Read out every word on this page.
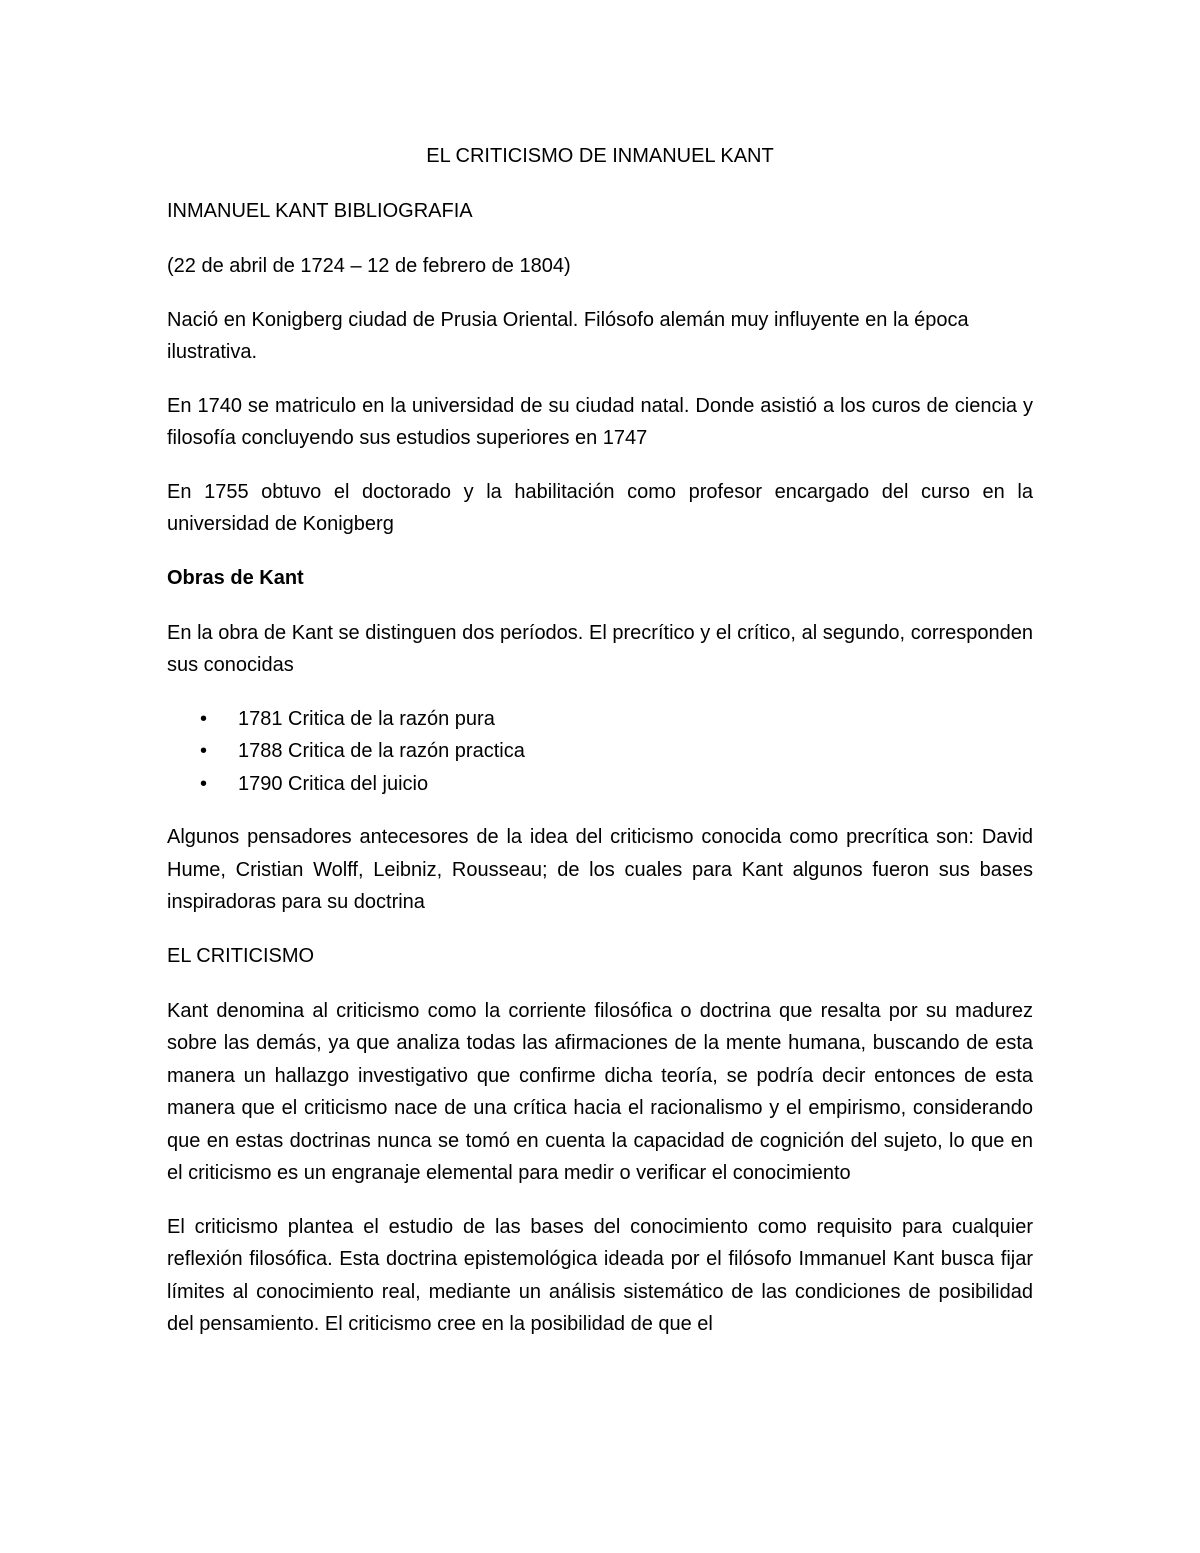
EL CRITICISMO DE INMANUEL KANT
INMANUEL KANT BIBLIOGRAFIA

(22 de abril de 1724 – 12 de febrero de 1804)

Nació en Konigberg ciudad de Prusia Oriental. Filósofo alemán muy influyente en la época ilustrativa.

En 1740 se matriculo en la universidad de su ciudad natal. Donde asistió a los curos de ciencia y filosofía concluyendo sus estudios superiores en 1747

En 1755 obtuvo el doctorado y la habilitación como profesor encargado del curso en la universidad de Konigberg

Obras de Kant

En la obra de Kant se distinguen dos períodos. El precrítico y el crítico, al segundo, corresponden sus conocidas

• 1781 Critica de la razón pura
• 1788 Critica de la razón practica
• 1790 Critica del juicio

Algunos pensadores antecesores de la idea del criticismo conocida como precrítica son: David Hume, Cristian Wolff, Leibniz, Rousseau; de los cuales para Kant algunos fueron sus bases inspiradoras para su doctrina

EL CRITICISMO

Kant denomina al criticismo como la corriente filosófica o doctrina que resalta por su madurez sobre las demás, ya que analiza todas las afirmaciones de la mente humana, buscando de esta manera un hallazgo investigativo que confirme dicha teoría, se podría decir entonces de esta manera que el criticismo nace de una crítica hacia el racionalismo y el empirismo, considerando que en estas doctrinas nunca se tomó en cuenta la capacidad de cognición del sujeto, lo que en el criticismo es un engranaje elemental para medir o verificar el conocimiento

El criticismo plantea el estudio de las bases del conocimiento como requisito para cualquier reflexión filosófica. Esta doctrina epistemológica ideada por el filósofo Immanuel Kant busca fijar límites al conocimiento real, mediante un análisis sistemático de las condiciones de posibilidad del pensamiento. El criticismo cree en la posibilidad de que el
